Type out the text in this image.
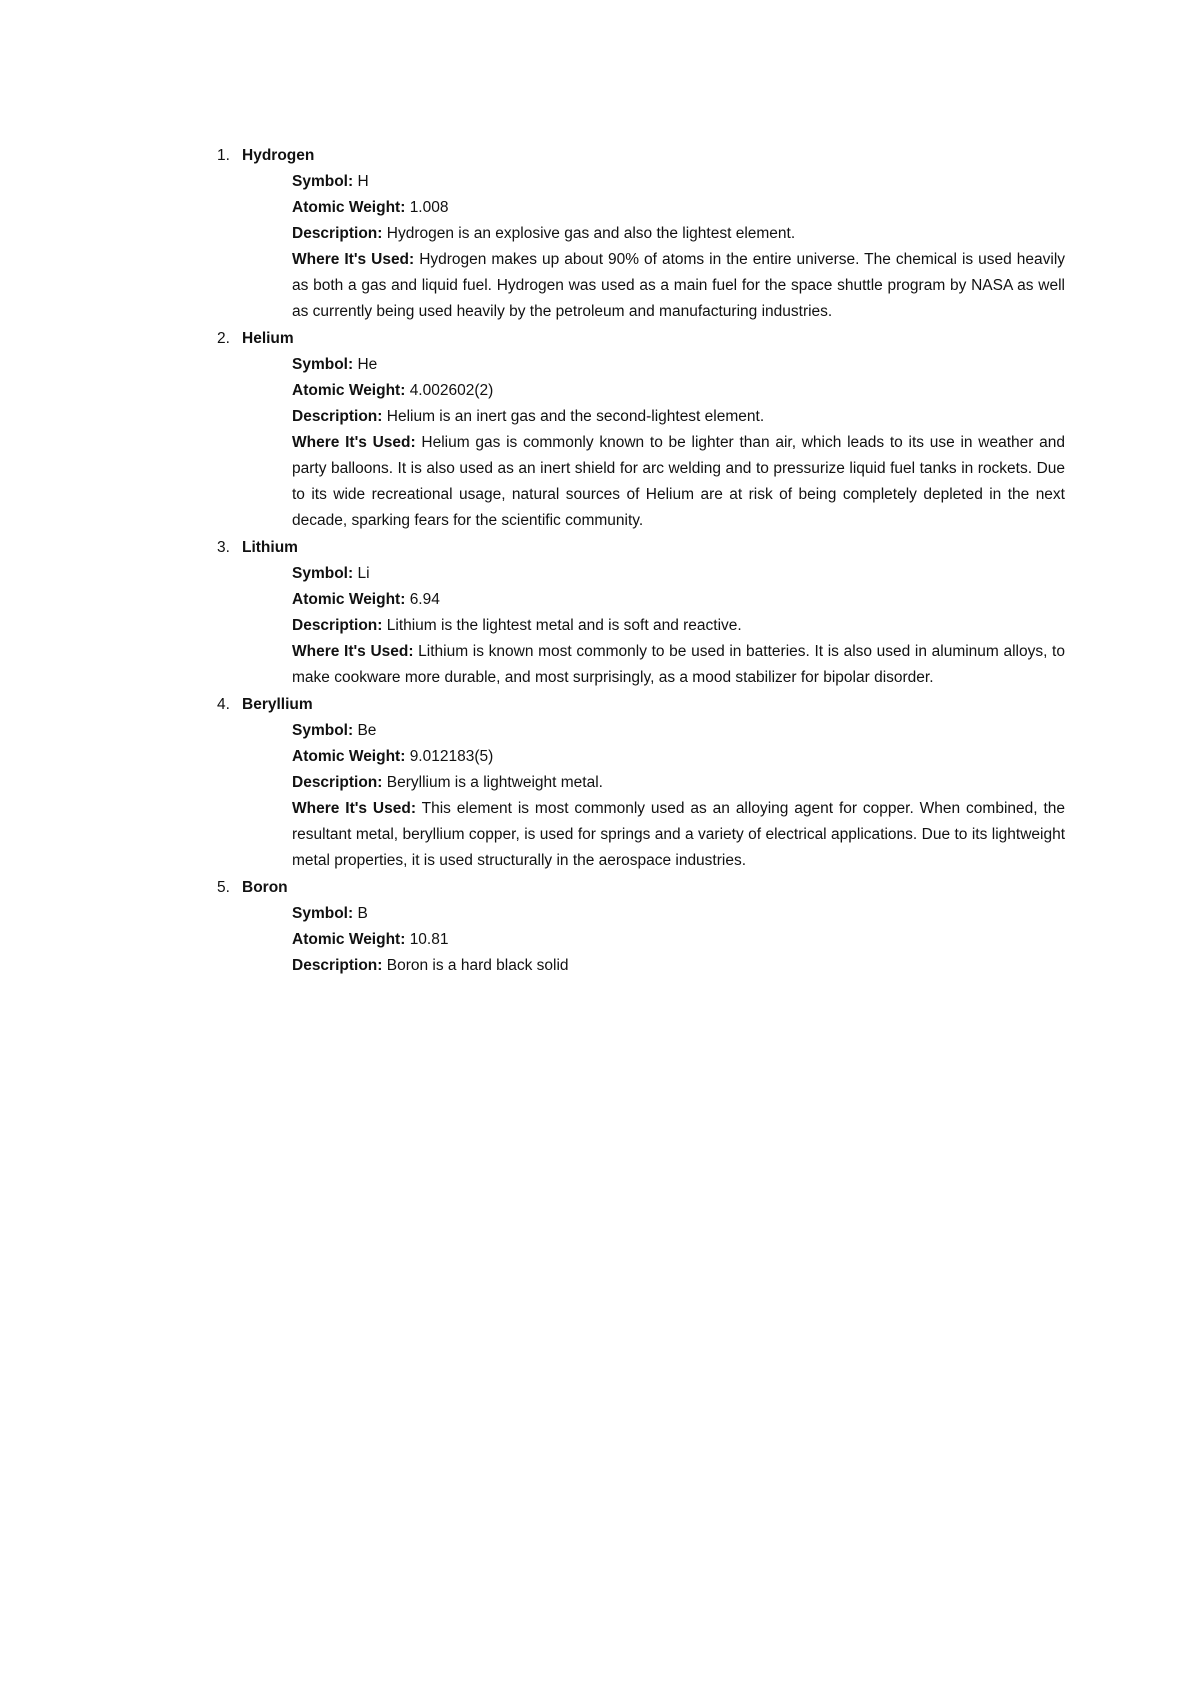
1. Hydrogen

Symbol: H

Atomic Weight: 1.008

Description: Hydrogen is an explosive gas and also the lightest element.

Where It's Used: Hydrogen makes up about 90% of atoms in the entire universe. The chemical is used heavily as both a gas and liquid fuel. Hydrogen was used as a main fuel for the space shuttle program by NASA as well as currently being used heavily by the petroleum and manufacturing industries.

2. Helium

Symbol: He

Atomic Weight: 4.002602(2)

Description: Helium is an inert gas and the second-lightest element.

Where It's Used: Helium gas is commonly known to be lighter than air, which leads to its use in weather and party balloons. It is also used as an inert shield for arc welding and to pressurize liquid fuel tanks in rockets. Due to its wide recreational usage, natural sources of Helium are at risk of being completely depleted in the next decade, sparking fears for the scientific community.

3. Lithium

Symbol: Li

Atomic Weight: 6.94

Description: Lithium is the lightest metal and is soft and reactive.

Where It's Used: Lithium is known most commonly to be used in batteries. It is also used in aluminum alloys, to make cookware more durable, and most surprisingly, as a mood stabilizer for bipolar disorder.

4. Beryllium

Symbol: Be

Atomic Weight: 9.012183(5)

Description: Beryllium is a lightweight metal.

Where It's Used: This element is most commonly used as an alloying agent for copper. When combined, the resultant metal, beryllium copper, is used for springs and a variety of electrical applications. Due to its lightweight metal properties, it is used structurally in the aerospace industries.

5. Boron

Symbol: B

Atomic Weight: 10.81

Description: Boron is a hard black solid
